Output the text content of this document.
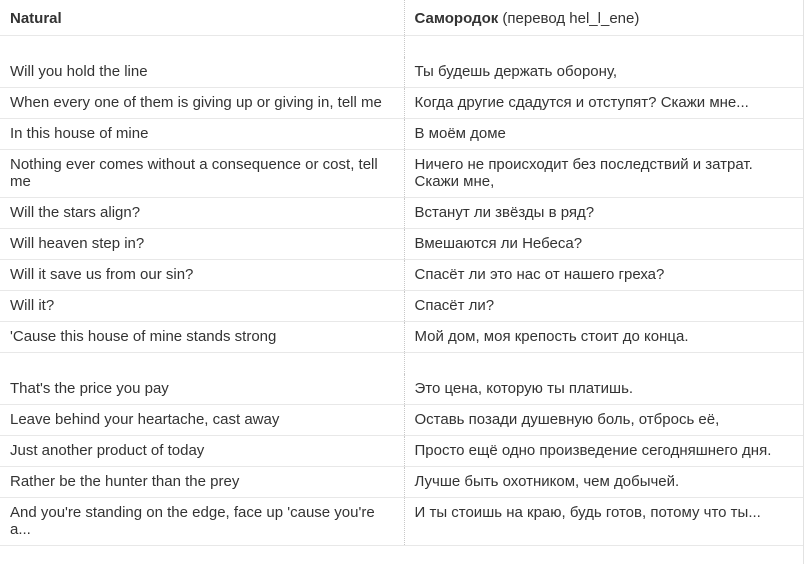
Natural	Самородок (перевод hel_l_ene)

Will you hold the line	Ты будешь держать оборону,
When every one of them is giving up or giving in, tell me	Когда другие сдадутся и отступят? Скажи мне...
In this house of mine	В моём доме
Nothing ever comes without a consequence or cost, tell me	Ничего не происходит без последствий и затрат. Скажи мне,
Will the stars align?	Встанут ли звёзды в ряд?
Will heaven step in?	Вмешаются ли Небеса?
Will it save us from our sin?	Спасёт ли это нас от нашего греха?
Will it?	Спасёт ли?
'Cause this house of mine stands strong	Мой дом, моя крепость стоит до конца.

That's the price you pay	Это цена, которую ты платишь.
Leave behind your heartache, cast away	Оставь позади душевную боль, отбрось её,
Just another product of today	Просто ещё одно произведение сегодняшнего дня.
Rather be the hunter than the prey	Лучше быть охотником, чем добычей.
And you're standing on the edge, face up 'cause you're a...	И ты стоишь на краю, будь готов, потому что ты...
